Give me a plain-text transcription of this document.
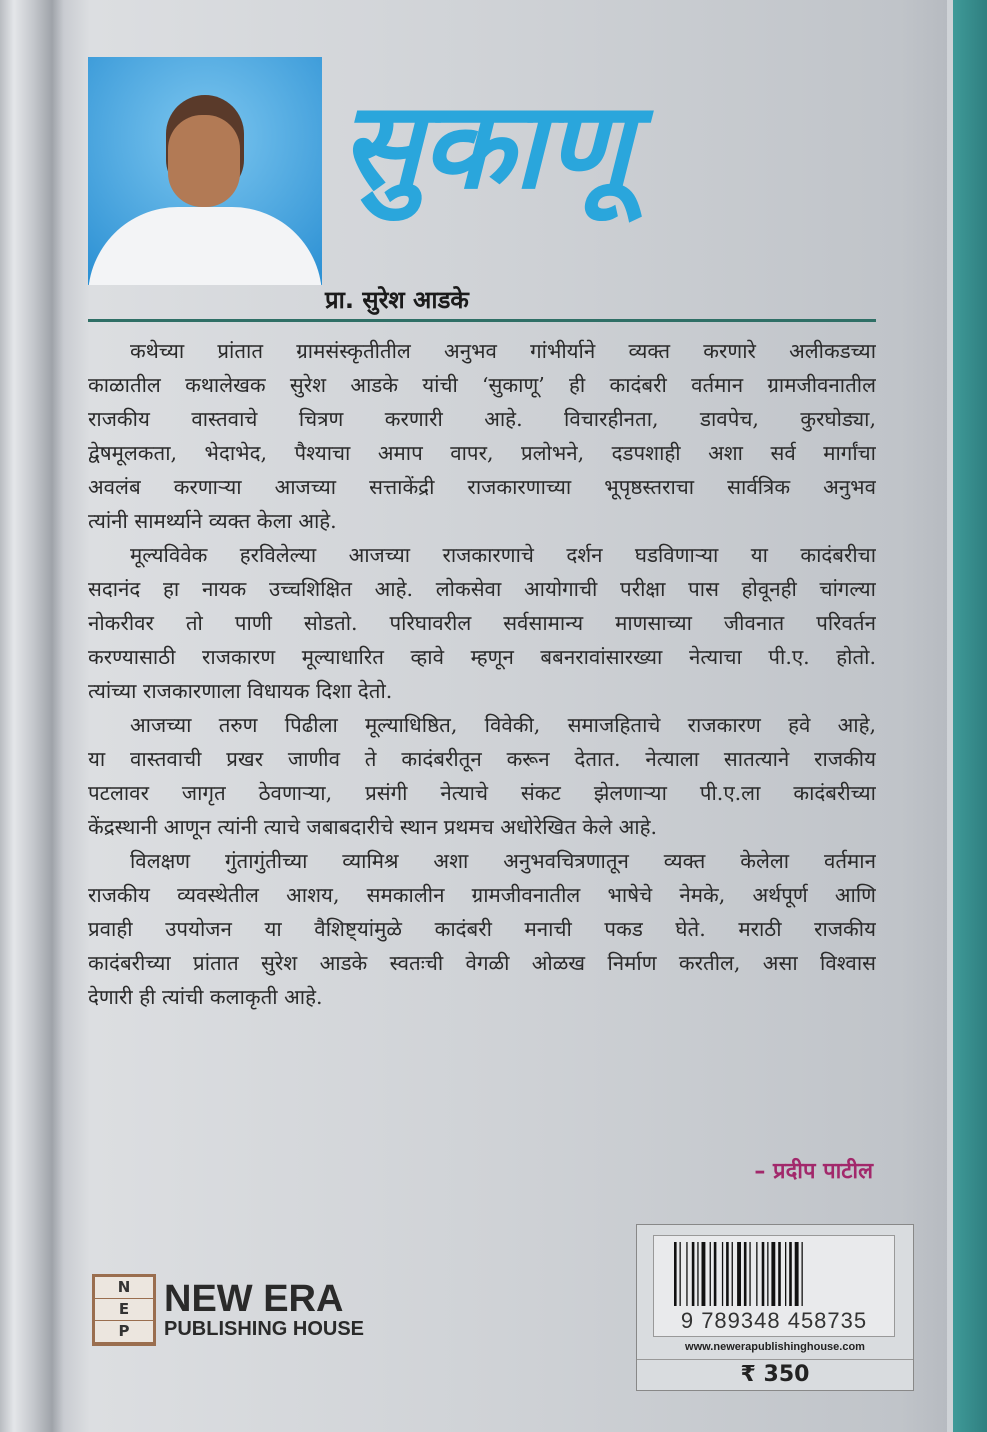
सुकाणू
प्रा. सुरेश आडके
कथेच्या प्रांतात ग्रामसंस्कृतीतील अनुभव गांभीर्याने व्यक्त करणारे अलीकडच्या
काळातील कथालेखक सुरेश आडके यांची ‘सुकाणू’ ही कादंबरी वर्तमान ग्रामजीवनातील
राजकीय वास्तवाचे चित्रण करणारी आहे. विचारहीनता, डावपेच, कुरघोड्या,
द्वेषमूलकता, भेदाभेद, पैश्याचा अमाप वापर, प्रलोभने, दडपशाही अशा सर्व मार्गांचा
अवलंब करणाऱ्या आजच्या सत्ताकेंद्री राजकारणाच्या भूपृष्ठस्तराचा सार्वत्रिक अनुभव
त्यांनी सामर्थ्याने व्यक्त केला आहे.
मूल्यविवेक हरविलेल्या आजच्या राजकारणाचे दर्शन घडविणाऱ्या या कादंबरीचा
सदानंद हा नायक उच्चशिक्षित आहे. लोकसेवा आयोगाची परीक्षा पास होवूनही चांगल्या
नोकरीवर तो पाणी सोडतो. परिघावरील सर्वसामान्य माणसाच्या जीवनात परिवर्तन
करण्यासाठी राजकारण मूल्याधारित व्हावे म्हणून बबनरावांसारख्या नेत्याचा पी.ए. होतो.
त्यांच्या राजकारणाला विधायक दिशा देतो.
आजच्या तरुण पिढीला मूल्याधिष्ठित, विवेकी, समाजहिताचे राजकारण हवे आहे,
या वास्तवाची प्रखर जाणीव ते कादंबरीतून करून देतात. नेत्याला सातत्याने राजकीय
पटलावर जागृत ठेवणाऱ्या, प्रसंगी नेत्याचे संकट झेलणाऱ्या पी.ए.ला कादंबरीच्या
केंद्रस्थानी आणून त्यांनी त्याचे जबाबदारीचे स्थान प्रथमच अधोरेखित केले आहे.
विलक्षण गुंतागुंतीच्या व्यामिश्र अशा अनुभवचित्रणातून व्यक्त केलेला वर्तमान
राजकीय व्यवस्थेतील आशय, समकालीन ग्रामजीवनातील भाषेचे नेमके, अर्थपूर्ण आणि
प्रवाही उपयोजन या वैशिष्ट्यांमुळे कादंबरी मनाची पकड घेते. मराठी राजकीय
कादंबरीच्या प्रांतात सुरेश आडके स्वतःची वेगळी ओळख निर्माण करतील, असा विश्वास
देणारी ही त्यांची कलाकृती आहे.
– प्रदीप पाटील
N
E
P
NEW ERA
PUBLISHING HOUSE	9 789348 458735
www.newerapublishinghouse.com
₹ 350
